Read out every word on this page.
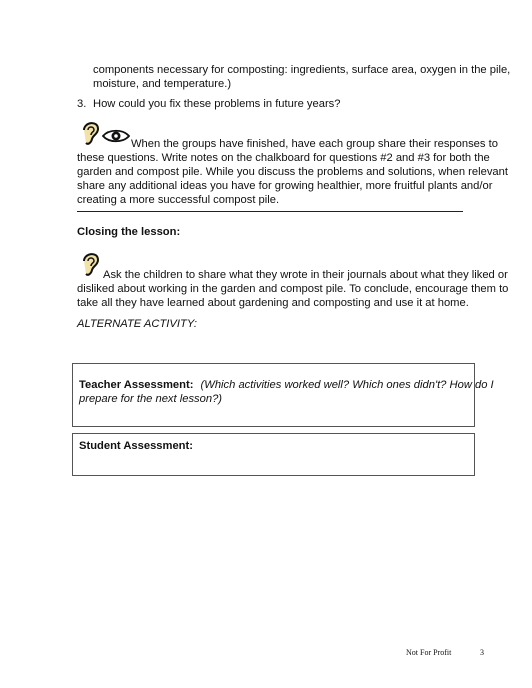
components necessary for composting: ingredients, surface area, oxygen in the pile,
moisture, and temperature.)
3. How could you fix these problems in future years?
When the groups have finished, have each group share their responses to
these questions. Write notes on the chalkboard for questions #2 and #3 for both the
garden and compost pile. While you discuss the problems and solutions, when relevant
share any additional ideas you have for growing healthier, more fruitful plants and/or
creating a more successful compost pile.
Closing the lesson:
Ask the children to share what they wrote in their journals about what they liked or
disliked about working in the garden and compost pile. To conclude, encourage them to
take all they have learned about gardening and composting and use it at home.
ALTERNATE ACTIVITY:
Teacher Assessment: (Which activities worked well? Which ones didn't? How do I
prepare for the next lesson?)
Student Assessment:
Not For Profit	3
